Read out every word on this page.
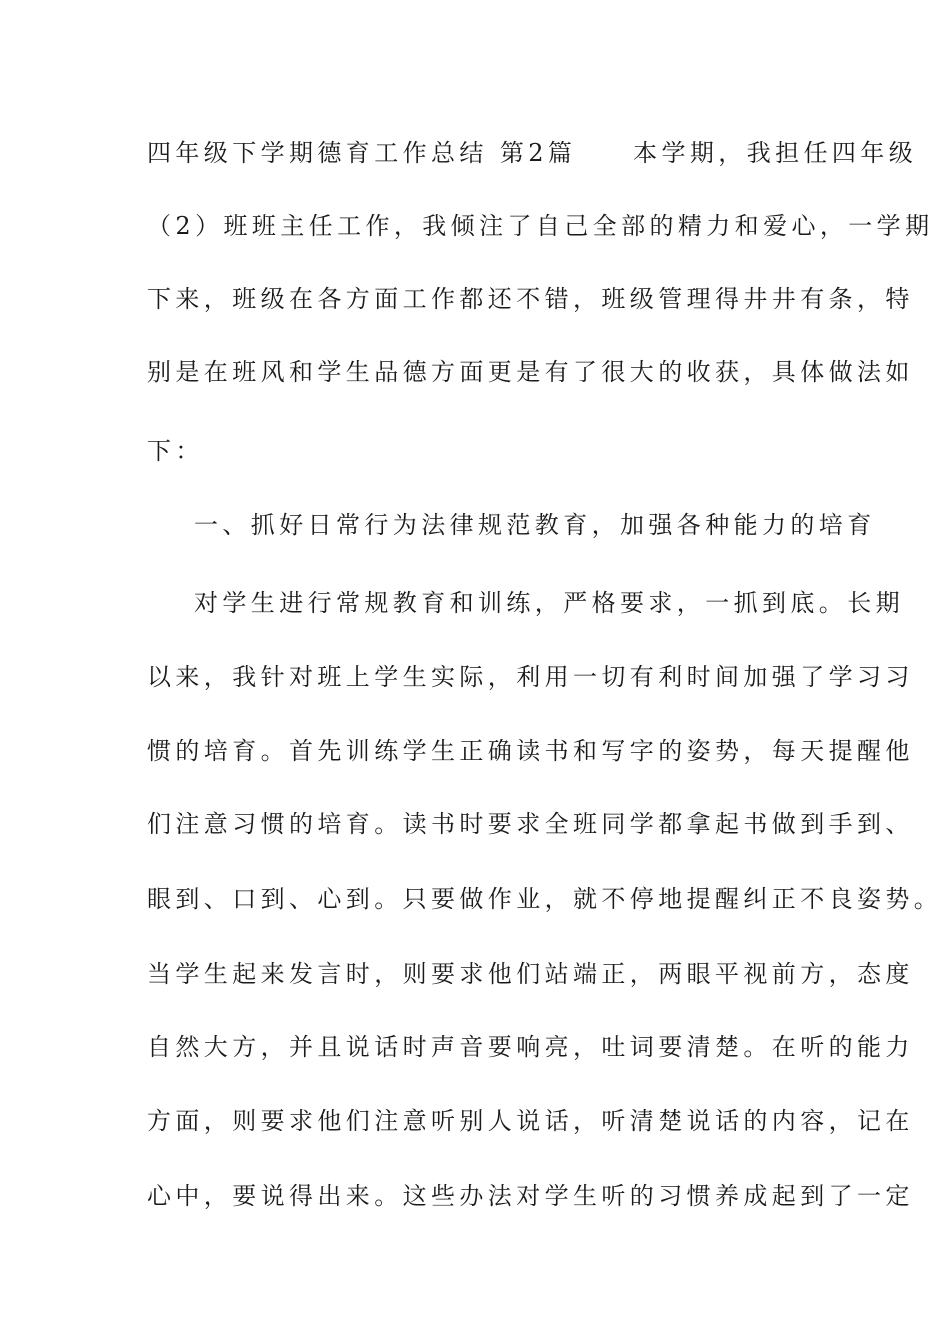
四年级下学期德育工作总结 第2篇　　本学期，我担任四年级
（2）班班主任工作，我倾注了自己全部的精力和爱心，一学期
下来，班级在各方面工作都还不错，班级管理得井井有条，特
别是在班风和学生品德方面更是有了很大的收获，具体做法如
下：
一、抓好日常行为法律规范教育，加强各种能力的培育
对学生进行常规教育和训练，严格要求，一抓到底。长期
以来，我针对班上学生实际，利用一切有利时间加强了学习习
惯的培育。首先训练学生正确读书和写字的姿势，每天提醒他
们注意习惯的培育。读书时要求全班同学都拿起书做到手到、
眼到、口到、心到。只要做作业，就不停地提醒纠正不良姿势。
当学生起来发言时，则要求他们站端正，两眼平视前方，态度
自然大方，并且说话时声音要响亮，吐词要清楚。在听的能力
方面，则要求他们注意听别人说话，听清楚说话的内容，记在
心中，要说得出来。这些办法对学生听的习惯养成起到了一定
